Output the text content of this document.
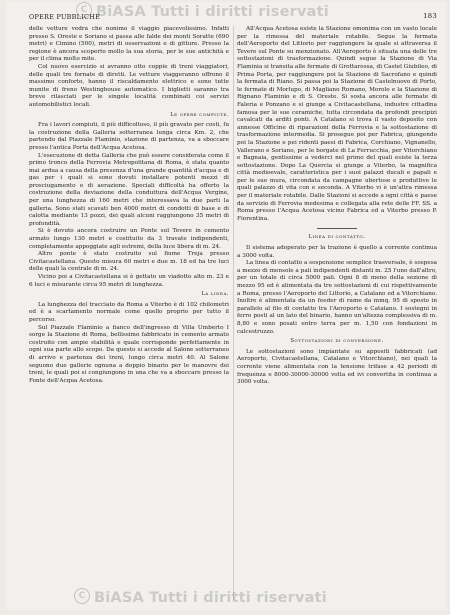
C BiASA Tutti i diritti riservati
OPERE PUBBLICHE	183

delle vetture vedrà che nonimo il viaggio piacevolissimo. Infatti presso S. Oreste e Soriano si passa alle falde dei monti Soratte (690 metri) e Cimino (500), metri di osservazioni e di gitture. Presso la regione è ancora scoperto mollo la sua storia, per le sue antichità e per il clima molto mite.

Col nuovo esercizio si avranno otto coppie di treni viaggiatori, delle quali tre fornate di diretti. Le vetture viaggeranno offrono il massimo conforto, hanno il riscaldamento elettrico e sono tutte munite di freno Westinghouse automatico. I biglietti saranno tra breve rilasciati per le singole località combinati coi servizi automobilistici locali.

Le opere compiute.

Fra i lavori compiuti, il più difficoltoso, il più gravato per costi, fu la costruzione della Galleria sotterranea lunga circa Km. 2, che partendo dal Piazzale Flaminio, stazione di partenza, va a sboccare presso l'antica Porta dell'Acqua Acetosa.

L'esecuzione di detta Galleria che può essere considerata come il primo tronco della Ferrovia Metropolitana di Roma, è stata quanto mai ardua a causa della presenza d'una grande quantità d'acqua e di gas per i quali si sono dovuti installare potenti mezzi di prosciugamento e di aerazione. Speciali difficoltà ha offerto la costruzione della deviazione della conduttura dell'Acqua Vergine, per una lunghezza di 160 metri che interessava la due parti la galleria. Sono stati scavati ben 4000 metri di condotti di base e di calotta mediante 13 pozzi, dei quali alcuni raggiungono 35 metri di profondità.

Si è dovuto ancora costruire un Ponte sul Tevere in cemento armato lungo 130 metri e costituito da 3 travate indipendenti, completamente appoggiate agli estremi, della luce libera di m. 24.

Altro ponte è stato costruito sul fiume Treja presso Civitacastellana. Questo misura 60 metri e due m. 18 ed ha tre luci delle quali la centrale di m. 24.

Vicino poi a Civitacastellana si è gettato un viadotto alto m. 23 e 6 luci e misurante circa 95 metri di lunghezza.

La linea.

La lunghezza del tracciato da Roma a Viterbo è di 102 chilometri ed è a scartamento normale come quello proprio per tutto il percorso.

Sul Piazzale Flaminio a fianco dell'ingresso di Villa Umberto I sorge la Stazione di Roma, bellissimo fabbricato in cemento armato costruito con ampie stabilità e quale corrisponde perfettamente in ogni sua parte allo scopo. Da questo si accede al Salone sotterraneo di arrivo e partenza dei treni, lungo circa metri 40. Al Salone seguono due gallerie ognuna a doppio binario per le manovre dei treni, le quali poi si congiungono in una che va a sboccare presso la Fonte dell'Acqua Acetosa.

All'Acqua Acetosa esiste la Stazione omonima con un vasto locale per la rimessa del materiale rotabile. Segue la fermata dell'Aeroporto del Littorio per raggiungere la quale si attraversa il Tevere sul Ponte su menzionato. All'Aeroporto è situata una delle tre sottostazioni di trasformazione. Quindi segue la Stazione di Via Flaminia si transita alle fermate di Grottarossa, di Castel Giubileo, di Prima Porta, per raggiungere poi la Stazione di Sacrofano e quindi la fermata di Riano. Si passa poi la Stazione di Castelnuovo di Porto, le fermate di Morlupo, di Magliano Romano, Morolo e la Stazione di Rignano Flaminio e di S. Oreste. Si sosta ancora alle fermate di Faleria e Ponzano e si giunge a Civitacastellana, industre cittadina famosa per le sue ceramiche, tutta circondata da profondi precipizi cavalcati da arditi ponti. A Catalano si trova il vasto deposito con annesse Officine di riparazioni della Ferrovia e la sottostazione di trasformazione intermedia. Si prosegue poi per Fabrica, giungendo poi la Stazione e pei ridenti paesi di Fabrica, Corchiano, Vignanello, Vallerano e Soriano, per le borgate di La Ferrucchia, per Vitorchiano e Bagnaia, gentissime a vederci nel primo del quali esiste la terza sottostazione. Dopo La Quercia si giunge a Viterbo, la magnifica città medioevale, caratteristica per i suoi palazzi ducali e papali e per le sue mura, circondata da campagne ubertose e produttive le quali palazzo di vita con e seconda. A Viterbo vi è un'altra rimessa per il materiale rotabile. Dalle Stazioni si accede a ogni città e paese da servizio di Ferrovia medesima e collegata alla rete delle FF. SS. a Roma presso l'Acqua Acetosa vicino Fabrica ed a Viterbo presso P. Fiorentina.

Linea di contatto.

Il sistema adoperato per la trazione è quello a corrente continua a 3000 volta.

La linea di contatto a sospensione semplice trasversale, è sospesa a mezzo di mensole a pali indipendenti distanti m. 25 l'uno dall'altro, per un totale di circa 5000 pali. Ogni 8 di meno della sezione di mezzo 95 ed è alimentata da tre sottostazioni di cui rispettivamente a Roma, presso l'Aeroporto del Littorio, a Catalano ed a Vitorchiano. Inoltre è alimentata da un feeder di rame da mmq. 95 di sposto in parallelo al filo di contatto tra l'Aeroporto e Catalano. I sostegni in ferro posti al un lato del binario, hanno un'altezza complessiva di m. 8,80 e sono posati entro terra per m. 1,50 con fondazioni in calcestruzzo.

Sottostazioni di conversione.

Le sottostazioni sono impiantate su appositi fabbricati (ad Aeroporto, Civitacastellana, Catalano e Vitorchiano), nei quali la corrente viene alimentata con la tensione trifase a 42 periodi di frequenza e 8000-30000-30000 volta ed ivi convertita in continua a 3000 volta.

C BiASA Tutti i diritti riservati
